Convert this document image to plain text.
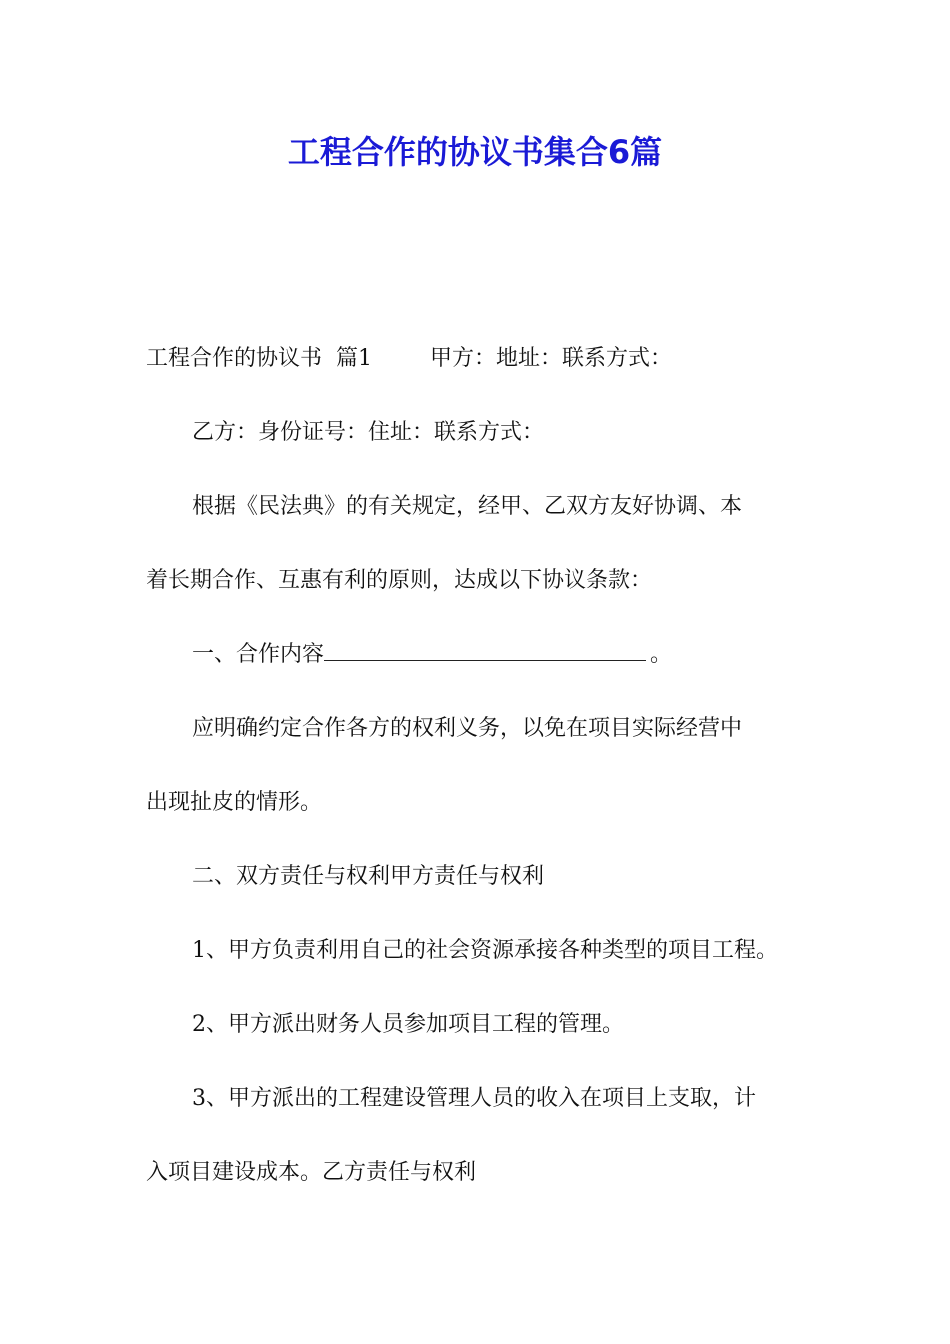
工程合作的协议书集合6篇
工程合作的协议书  篇1	甲方：地址：联系方式：
乙方：身份证号：住址：联系方式：
根据《民法典》的有关规定，经甲、乙双方友好协调、本
着长期合作、互惠有利的原则，达成以下协议条款：
一、合作内容	。
应明确约定合作各方的权利义务，以免在项目实际经营中
出现扯皮的情形。
二、双方责任与权利甲方责任与权利
1、甲方负责利用自己的社会资源承接各种类型的项目工程。
2、甲方派出财务人员参加项目工程的管理。
3、甲方派出的工程建设管理人员的收入在项目上支取，计
入项目建设成本。乙方责任与权利
